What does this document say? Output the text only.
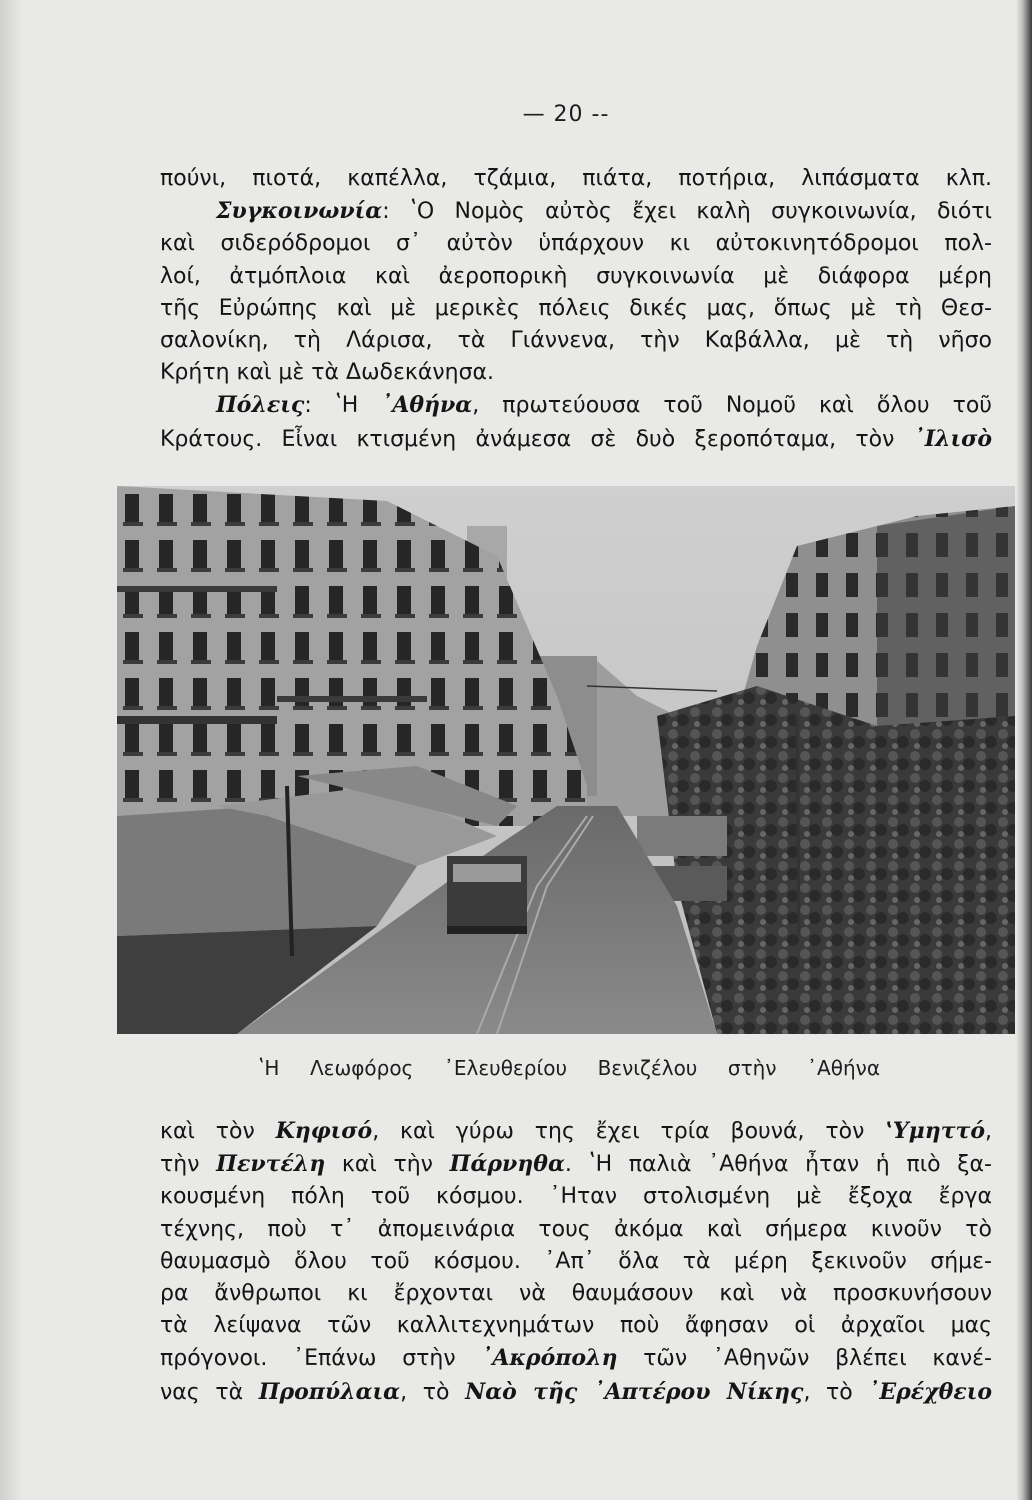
— 20 --
πούνι, πιοτά, καπέλλα, τζάμια, πιάτα, ποτήρια, λιπάσματα κλπ.
Συγκοινωνία: ʽΟ Νομὸς αὐτὸς ἔχει καλὴ συγκοινωνία, διότι
καὶ σιδερόδρομοι σ᾽ αὐτὸν ὑπάρχουν κι αὐτοκινητόδρομοι πολ-
λοί, ἀτμόπλοια καὶ ἀεροπορικὴ συγκοινωνία μὲ διάφορα μέρη
τῆς Εὐρώπης καὶ μὲ μερικὲς πόλεις δικές μας, ὅπως μὲ τὴ Θεσ-
σαλονίκη, τὴ Λάρισα, τὰ Γιάννενα, τὴν Καβάλλα, μὲ τὴ νῆσο
Κρήτη καὶ μὲ τὰ Δωδεκάνησα.
Πόλεις: ʽΗ ᾽Αθήνα, πρωτεύουσα τοῦ Νομοῦ καὶ ὅλου τοῦ
Κράτους. Εἶναι κτισμένη ἀνάμεσα σὲ δυὸ ξεροπόταμα, τὸν ᾽Ιλισὸ
ʽΗ Λεωφόρος ᾽Ελευθερίου Βενιζέλου στὴν ᾽Αθήνα
καὶ τὸν Κηφισό, καὶ γύρω της ἔχει τρία βουνά, τὸν ʽΥμηττό,
τὴν Πεντέλη καὶ τὴν Πάρνηθα. ʽΗ παλιὰ ᾽Αθήνα ἦταν ἡ πιὸ ξα-
κουσμένη πόλη τοῦ κόσμου. ᾽Ηταν στολισμένη μὲ ἔξοχα ἔργα
τέχνης, ποὺ τ᾽ ἀπομεινάρια τους ἀκόμα καὶ σήμερα κινοῦν τὸ
θαυμασμὸ ὅλου τοῦ κόσμου. ᾽Απ᾽ ὅλα τὰ μέρη ξεκινοῦν σήμε-
ρα ἄνθρωποι κι ἔρχονται νὰ θαυμάσουν καὶ νὰ προσκυνήσουν
τὰ λείψανα τῶν καλλιτεχνημάτων ποὺ ἄφησαν οἱ ἀρχαῖοι μας
πρόγονοι. ᾽Επάνω στὴν ᾽Ακρόπολη τῶν ᾽Αθηνῶν βλέπει κανέ-
νας τὰ Προπύλαια, τὸ Ναὸ τῆς ᾽Απτέρου Νίκης, τὸ ᾽Ερέχθειο
